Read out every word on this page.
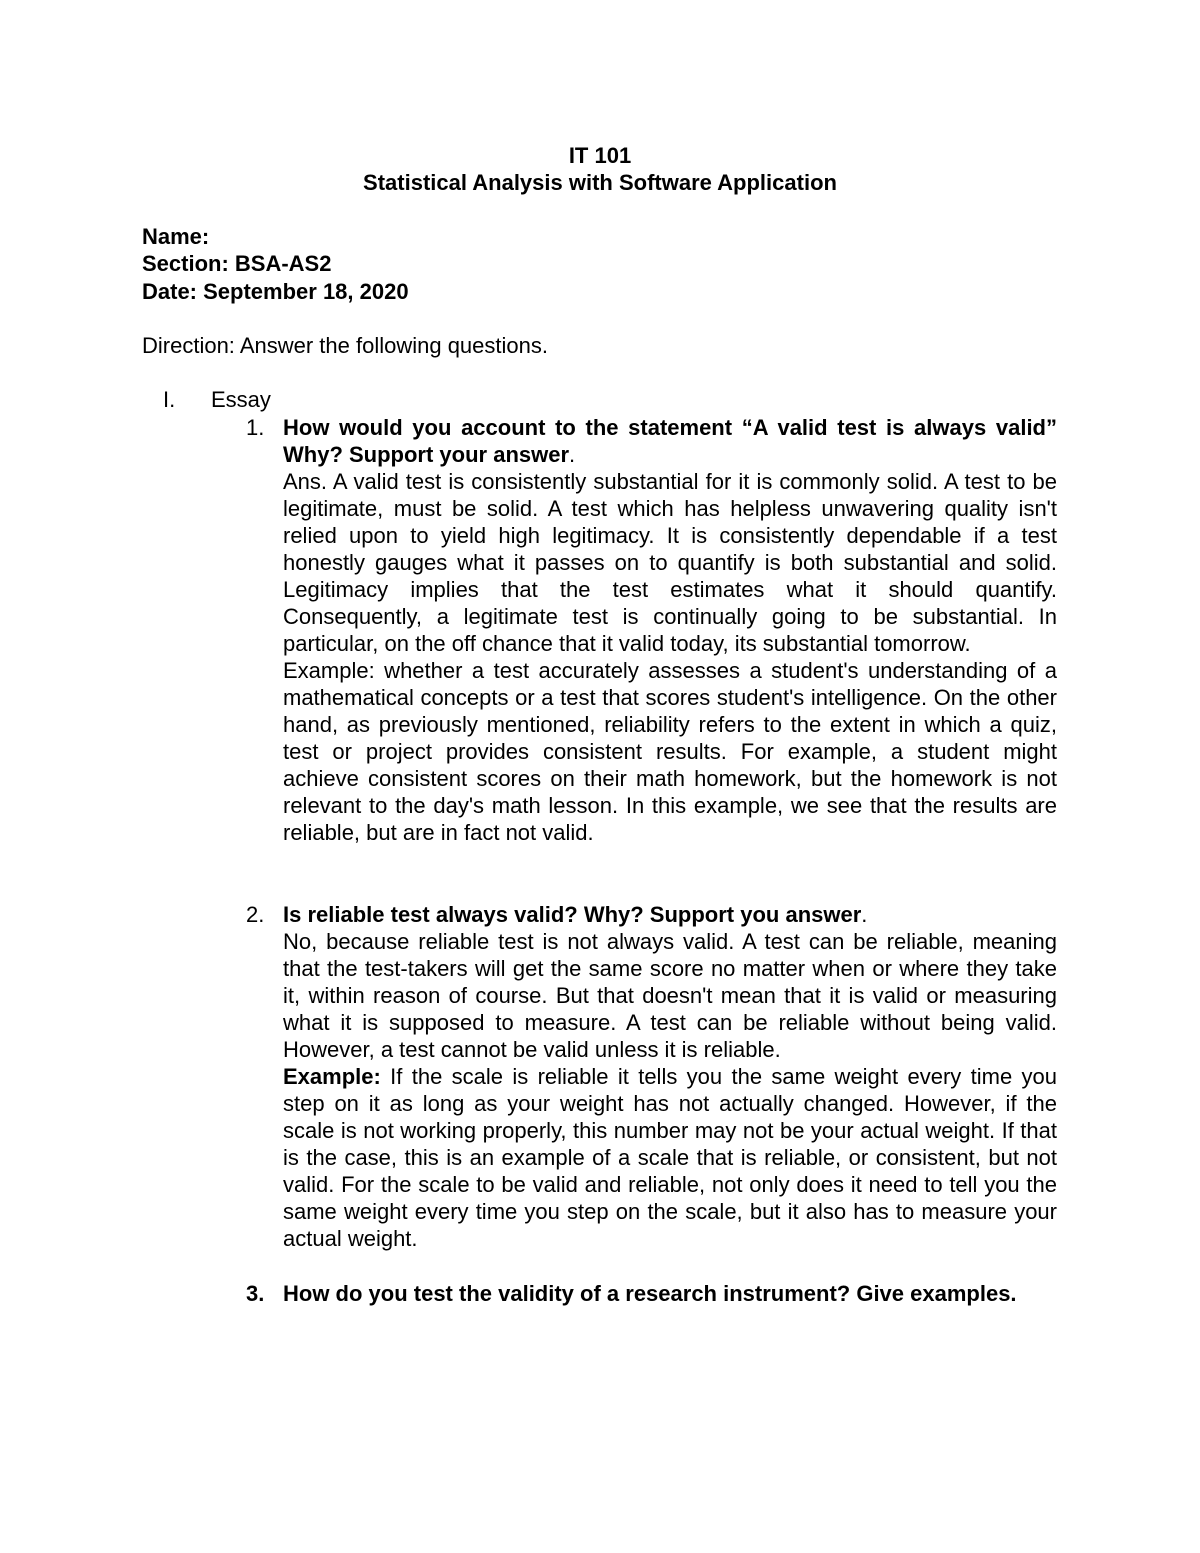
IT 101
Statistical Analysis with Software Application
Name:
Section: BSA-AS2
Date: September 18, 2020
Direction: Answer the following questions.
I. Essay
1. How would you account to the statement “A valid test is always valid” Why? Support your answer.

Ans. A valid test is consistently substantial for it is commonly solid. A test to be legitimate, must be solid. A test which has helpless unwavering quality isn't relied upon to yield high legitimacy. It is consistently dependable if a test honestly gauges what it passes on to quantify is both substantial and solid. Legitimacy implies that the test estimates what it should quantify. Consequently, a legitimate test is continually going to be substantial. In particular, on the off chance that it valid today, its substantial tomorrow.

Example: whether a test accurately assesses a student's understanding of a mathematical concepts or a test that scores student's intelligence. On the other hand, as previously mentioned, reliability refers to the extent in which a quiz, test or project provides consistent results. For example, a student might achieve consistent scores on their math homework, but the homework is not relevant to the day's math lesson. In this example, we see that the results are reliable, but are in fact not valid.

2. Is reliable test always valid? Why? Support you answer.

No, because reliable test is not always valid. A test can be reliable, meaning that the test-takers will get the same score no matter when or where they take it, within reason of course. But that doesn't mean that it is valid or measuring what it is supposed to measure. A test can be reliable without being valid. However, a test cannot be valid unless it is reliable.

Example: If the scale is reliable it tells you the same weight every time you step on it as long as your weight has not actually changed. However, if the scale is not working properly, this number may not be your actual weight. If that is the case, this is an example of a scale that is reliable, or consistent, but not valid. For the scale to be valid and reliable, not only does it need to tell you the same weight every time you step on the scale, but it also has to measure your actual weight.

3. How do you test the validity of a research instrument? Give examples.
